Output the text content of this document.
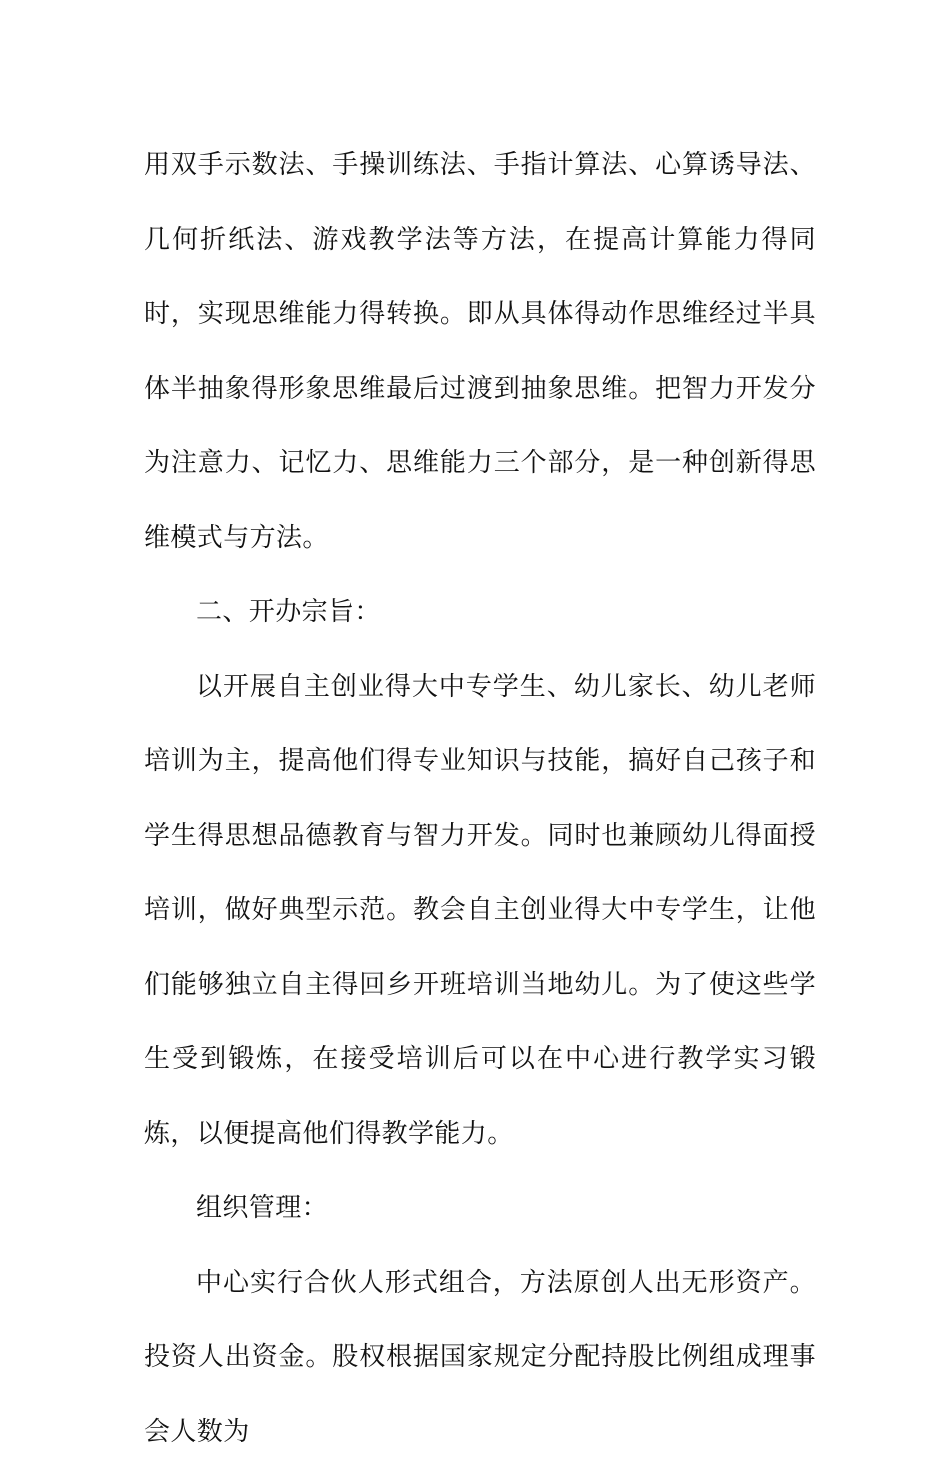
用双手示数法、手操训练法、手指计算法、心算诱导法、几何折纸法、游戏教学法等方法，在提高计算能力得同时，实现思维能力得转换。即从具体得动作思维经过半具体半抽象得形象思维最后过渡到抽象思维。把智力开发分为注意力、记忆力、思维能力三个部分，是一种创新得思维模式与方法。

二、开办宗旨：

以开展自主创业得大中专学生、幼儿家长、幼儿老师培训为主，提高他们得专业知识与技能，搞好自己孩子和学生得思想品德教育与智力开发。同时也兼顾幼儿得面授培训，做好典型示范。教会自主创业得大中专学生，让他们能够独立自主得回乡开班培训当地幼儿。为了使这些学生受到锻炼，在接受培训后可以在中心进行教学实习锻炼，以便提高他们得教学能力。

组织管理：

中心实行合伙人形式组合，方法原创人出无形资产。投资人出资金。股权根据国家规定分配持股比例组成理事会人数为
